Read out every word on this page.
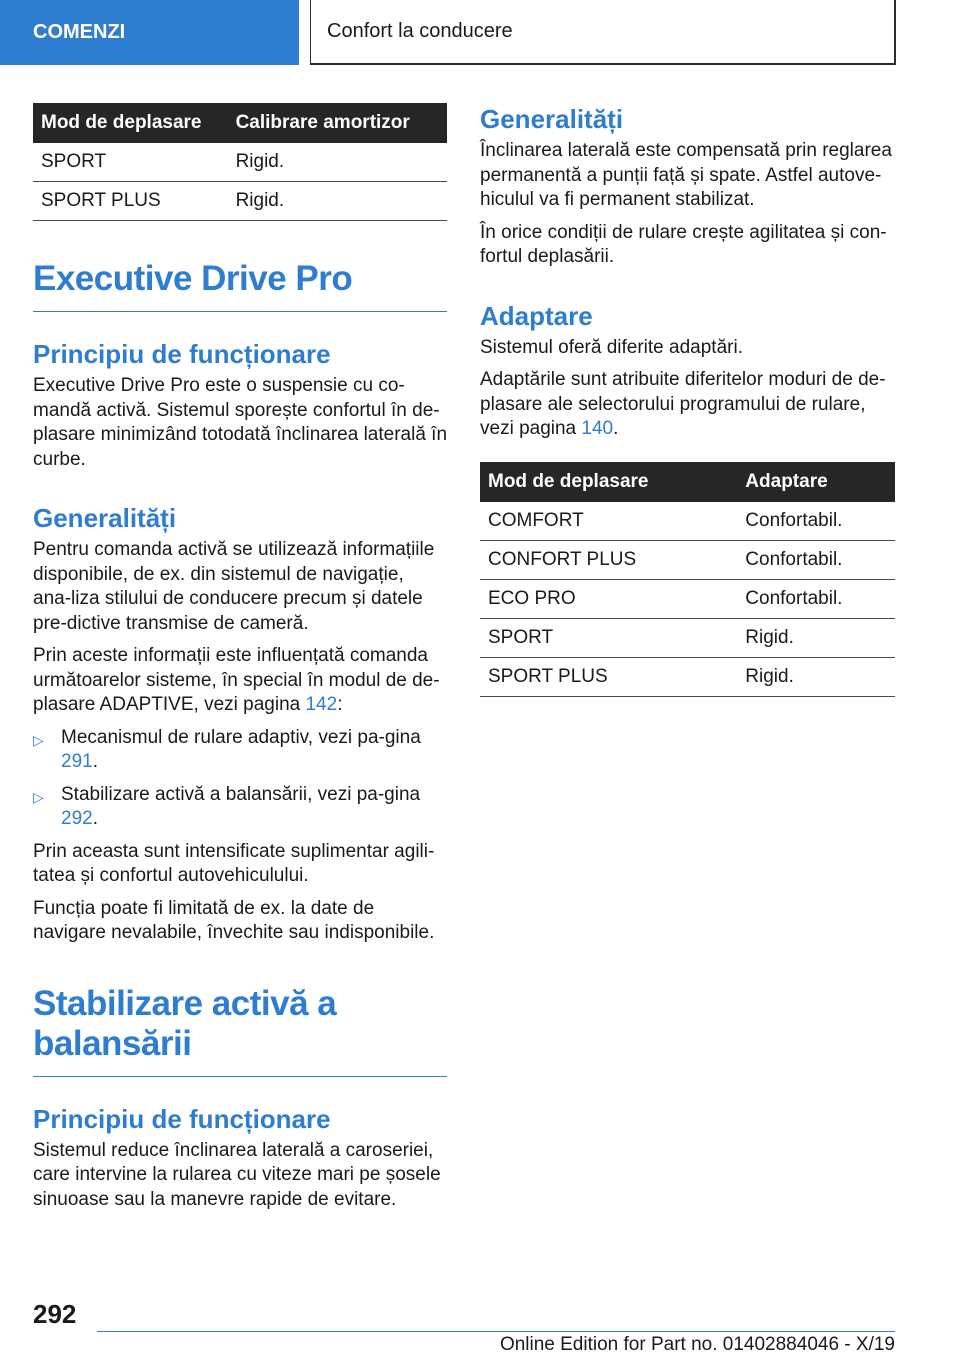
COMENZI	Confort la conducere
Mod de deplasare	Calibrare amortizor
SPORT	Rigid.
SPORT PLUS	Rigid.
Executive Drive Pro
Principiu de funcționare

Executive Drive Pro este o suspensie cu co-mandă activă. Sistemul sporește confortul în de-plasare minimizând totodată înclinarea laterală în curbe.

Generalități

Pentru comanda activă se utilizează informațiile disponibile, de ex. din sistemul de navigație, ana-liza stilului de conducere precum și datele pre-dictive transmise de cameră.

Prin aceste informații este influențată comanda următoarelor sisteme, în special în modul de de-plasare ADAPTIVE, vezi pagina 142:

▷ Mecanismul de rulare adaptiv, vezi pa-gina 291.
▷ Stabilizare activă a balansării, vezi pa-gina 292.

Prin aceasta sunt intensificate suplimentar agili-tatea și confortul autovehiculului.

Funcția poate fi limitată de ex. la date de navigare nevalabile, învechite sau indisponibile.

Stabilizare activă a balansării
Principiu de funcționare

Sistemul reduce înclinarea laterală a caroseriei, care intervine la rularea cu viteze mari pe șosele sinuoase sau la manevre rapide de evitare.

Generalități

Înclinarea laterală este compensată prin reglarea permanentă a punții față și spate. Astfel autove-hiculul va fi permanent stabilizat.

În orice condiții de rulare crește agilitatea și con-fortul deplasării.

Adaptare

Sistemul oferă diferite adaptări.

Adaptările sunt atribuite diferitelor moduri de de-plasare ale selectorului programului de rulare, vezi pagina 140.

Mod de deplasare	Adaptare
COMFORT	Confortabil.
CONFORT PLUS	Confortabil.
ECO PRO	Confortabil.
SPORT	Rigid.
SPORT PLUS	Rigid.
292
Online Edition for Part no. 01402884046 - X/19
